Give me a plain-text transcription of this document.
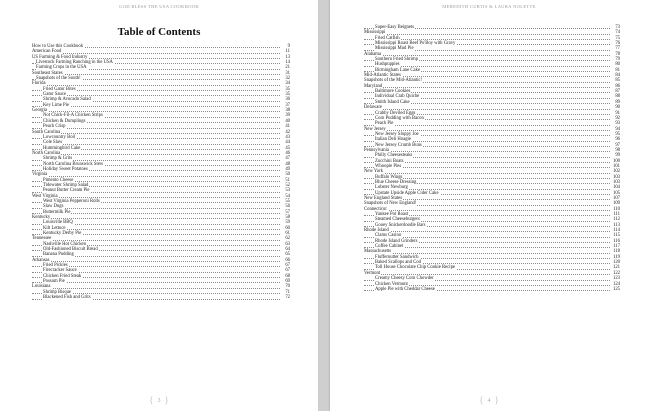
GOD BLESS THE USA COOKBOOK
Table of Contents
How to Use this Cookbook	9
American Food	11
US Farming & Food Industry	13
Livestock Farming Ranching in the USA	14
Farming Crops in the USA	21
Southeast States	31
Snapshots of the South!	32
Florida	34
Fried Gator Bites	35
Gator Sauce	35
Shrimp & Avocado Salad	36
Key Lime Pie	37
Georgia	38
Not Chick-Fil-A Chicken Strips	39
Chicken & Dumplings	40
Peach Crisp	41
South Carolina	42
Lowcountry Boil	43
Cole Slaw	44
Hummingbird Cake	45
North Carolina	46
Shrimp & Grits	47
North Carolina Brunswick Stew	48
Holiday Sweet Potatoes	49
Virginia	50
Pimento Cheese	51
Tidewater Shrimp Salad	52
Peanut Butter Cream Pie	53
West Virginia	54
West Virginia Pepperoni Rolls	55
Slaw Dogs	56
Buttermilk Pie	57
Kentucky	58
Louisville BBQ	59
Kilt Lettuce	60
Kentucky Derby Pie	61
Tennessee	62
Nashville Hot Chicken	63
Old-Fashioned Biscuit Bread	64
Banana Pudding	65
Arkansas	66
Fried Pickles	67
Firecracker Sauce	67
Chicken Fried Steak	68
Possum Pie	69
Louisiana	70
Shrimp Bisque	71
Blackened Fish and Grits	72
{ 3 }
MEREDITH CURTIS & LAURA NOLETTE
Super-Easy Beignets	73
Mississippi	74
Fried Catfish	75
Mississippi Roast Beef Po'Boy with Gravy	76
Mississippi Mud Pie	77
Alabama	78
Southern Fried Shrimp	79
Hushpuppies	80
Birmingham Lane Cake	81
Mid-Atlantic States	84
Snapshots of the Mid-Atlantic!	85
Maryland	86
Baltimore Cookies	87
Individual Crab Quiche	88
Smith Island Cake	89
Delaware	90
Crabby Deviled Eggs	91
Corn Pudding with Bacon	92
Peach Pie	93
New Jersey	94
New Jersey Sloppy Joe	95
Italian Deli Hoagie	96
New Jersey Crumb Buns	97
Pennsylvania	98
Philly Cheesesteaks	99
Zucchini Boats	100
Whoopie Pies	101
New York	102
Buffalo Wings	103
Blue Cheese Dressing	103
Lobster Newburg	104
Upstate Upside Apple Cider Cake	105
New England States	107
Snapshots of New England!	109
Connecticut	110
Yankee Pot Roast	111
Steamed Cheeseburgers	112
Gooey Snickerdoodle Bars	113
Rhode Island	114
Clams Casino	115
Rhode Island Grinders	116
Coffee Cabinet	117
Massachusetts	118
Fluffernutter Sandwich	119
Baked Scallops and Cod	120
Toll House Chocolate Chip Cookie Recipe	121
Vermont	122
Creamy Cheesy Corn Chowder	123
Chicken Vermont	124
Apple Pie with Cheddar Cheese	125
{ 4 }
